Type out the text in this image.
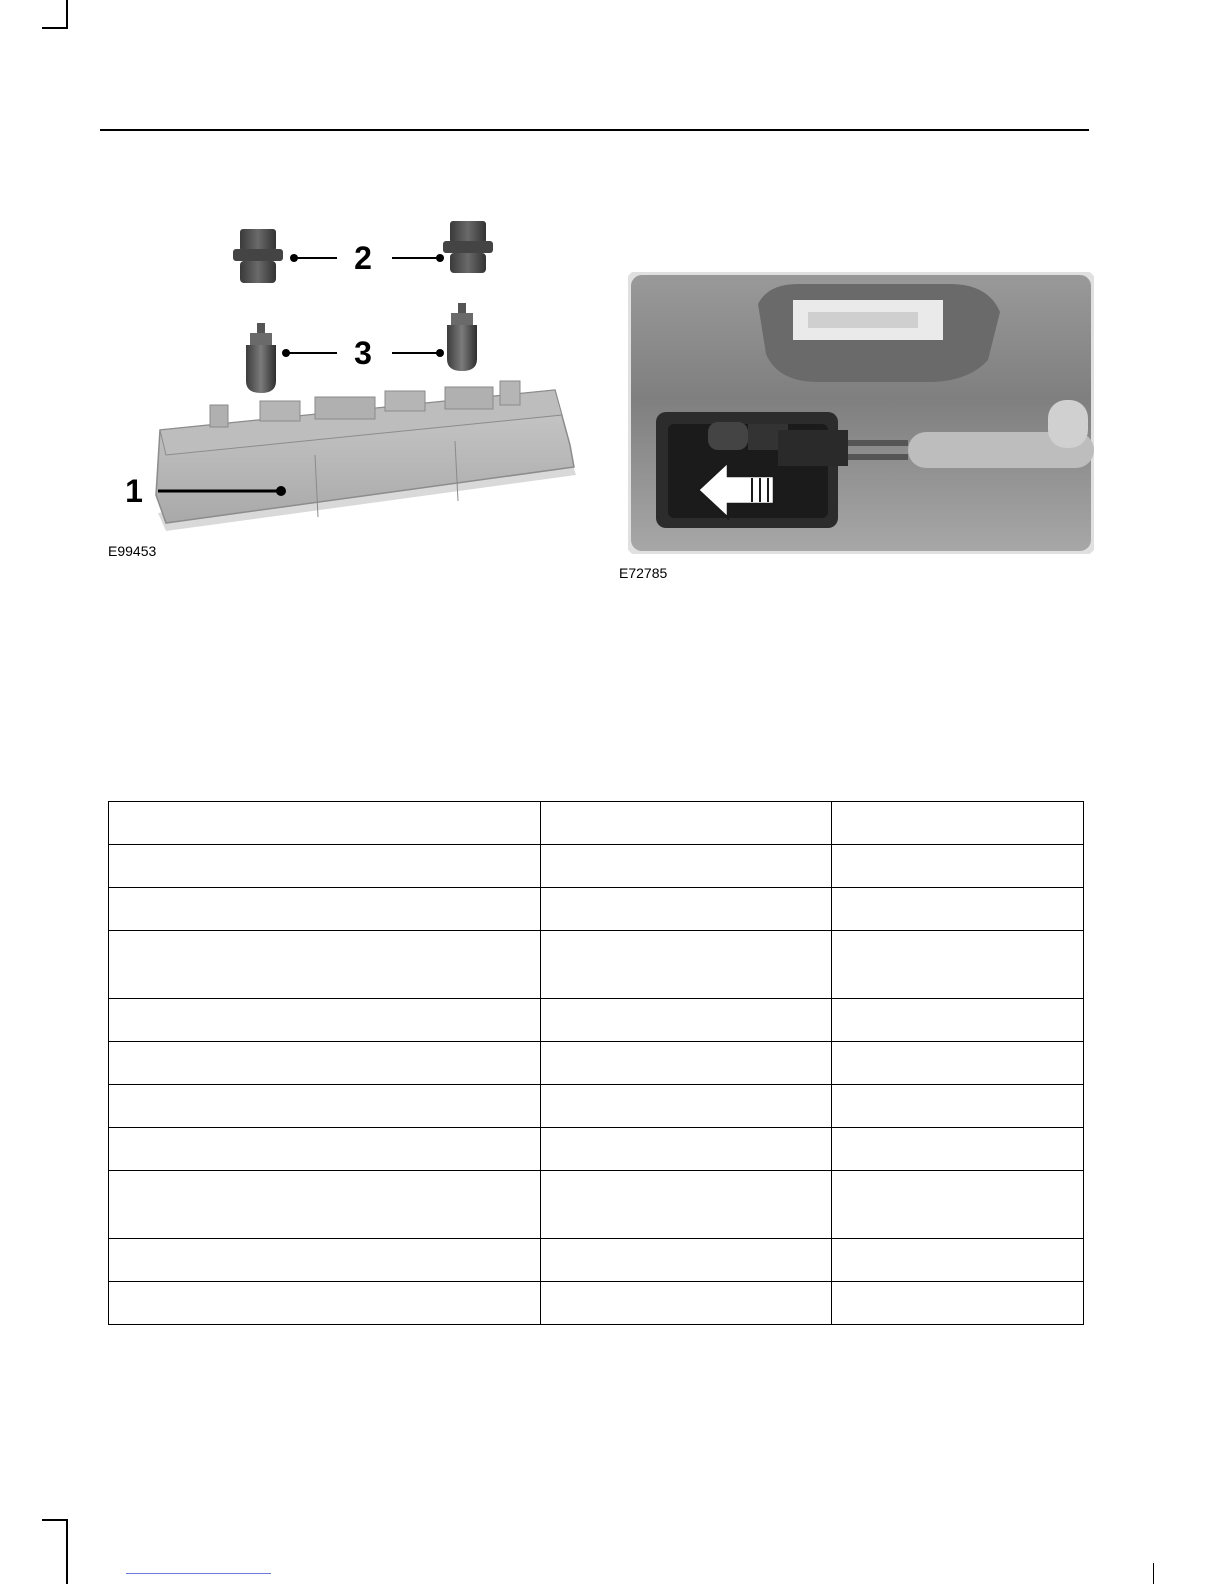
2
3
1
E99453
E72785
